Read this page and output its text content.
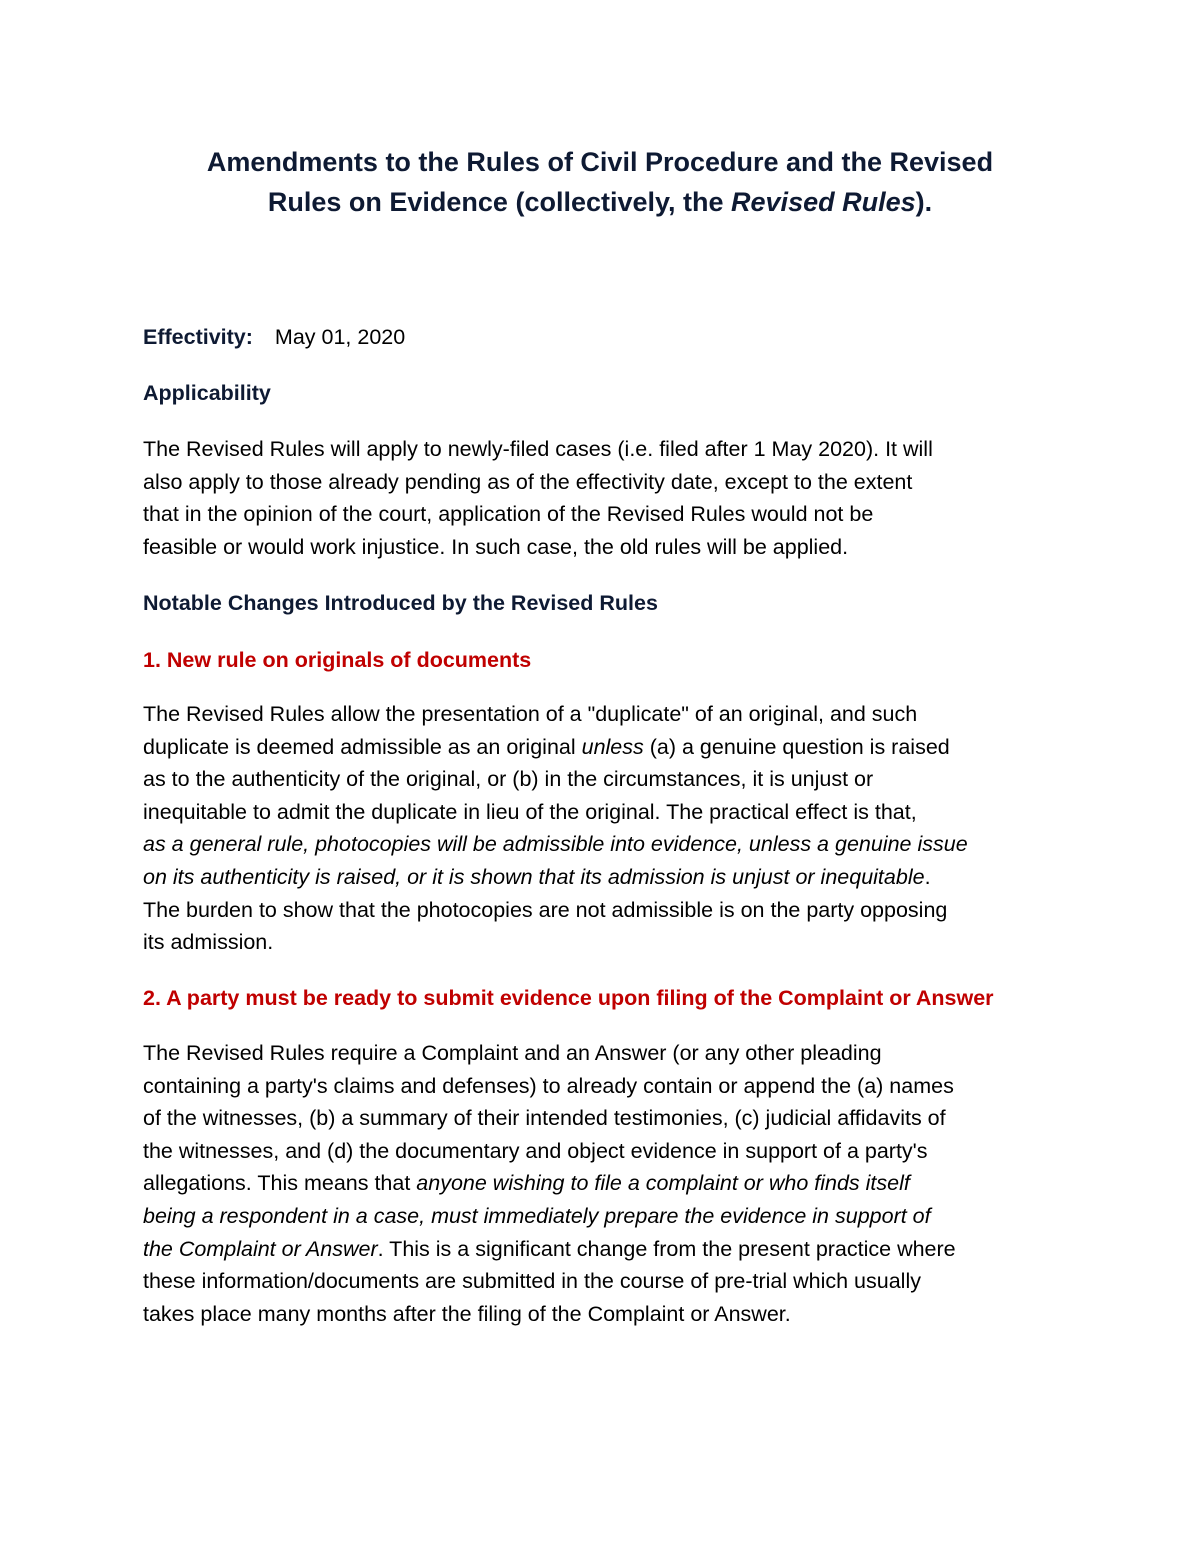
Amendments to the Rules of Civil Procedure and the Revised
Rules on Evidence (collectively, the Revised Rules).
Effectivity: May 01, 2020
Applicability
The Revised Rules will apply to newly-filed cases (i.e. filed after 1 May 2020). It will
also apply to those already pending as of the effectivity date, except to the extent
that in the opinion of the court, application of the Revised Rules would not be
feasible or would work injustice. In such case, the old rules will be applied.
Notable Changes Introduced by the Revised Rules
1. New rule on originals of documents
The Revised Rules allow the presentation of a "duplicate" of an original, and such
duplicate is deemed admissible as an original unless (a) a genuine question is raised
as to the authenticity of the original, or (b) in the circumstances, it is unjust or
inequitable to admit the duplicate in lieu of the original. The practical effect is that,
as a general rule, photocopies will be admissible into evidence, unless a genuine issue
on its authenticity is raised, or it is shown that its admission is unjust or inequitable.
The burden to show that the photocopies are not admissible is on the party opposing
its admission.
2. A party must be ready to submit evidence upon filing of the Complaint or Answer
The Revised Rules require a Complaint and an Answer (or any other pleading
containing a party's claims and defenses) to already contain or append the (a) names
of the witnesses, (b) a summary of their intended testimonies, (c) judicial affidavits of
the witnesses, and (d) the documentary and object evidence in support of a party's
allegations. This means that anyone wishing to file a complaint or who finds itself
being a respondent in a case, must immediately prepare the evidence in support of
the Complaint or Answer. This is a significant change from the present practice where
these information/documents are submitted in the course of pre-trial which usually
takes place many months after the filing of the Complaint or Answer.
